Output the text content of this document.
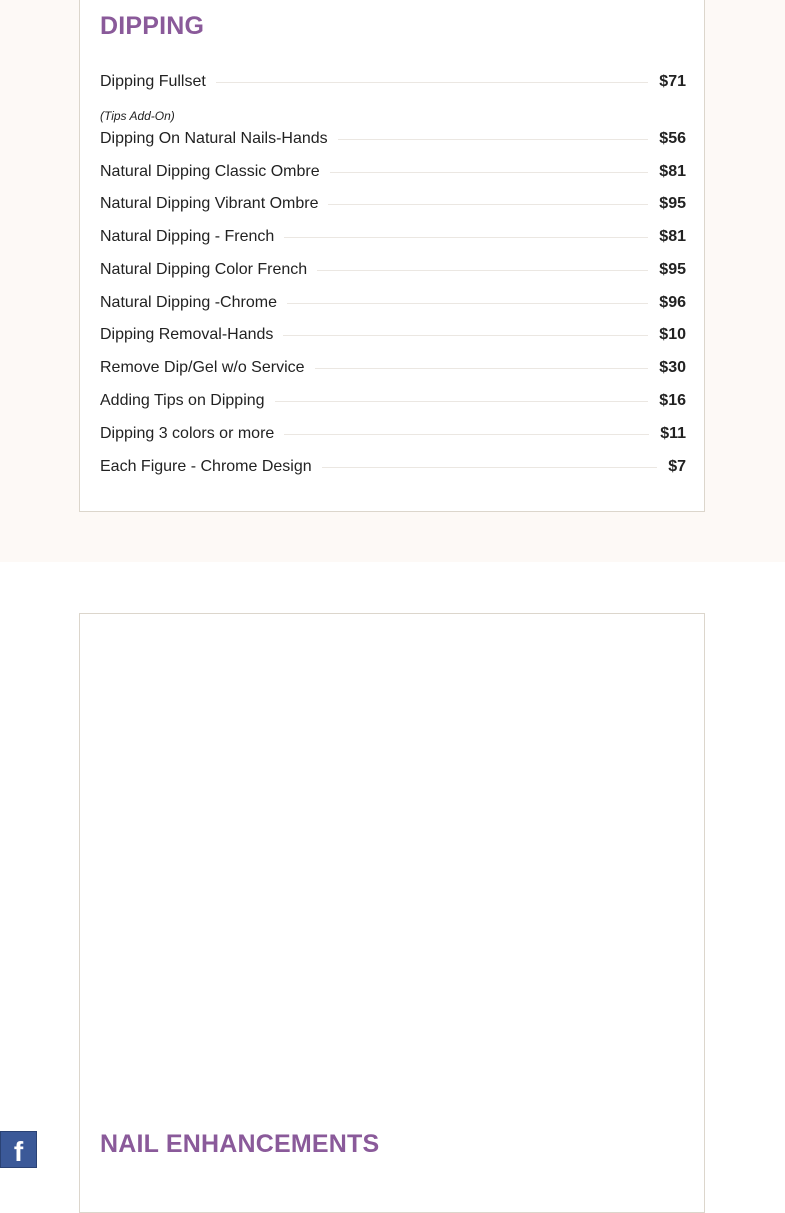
DIPPING
Dipping Fullset	$71
(Tips Add-On)
Dipping On Natural Nails-Hands	$56
Natural Dipping Classic Ombre	$81
Natural Dipping Vibrant Ombre	$95
Natural Dipping - French	$81
Natural Dipping Color French	$95
Natural Dipping -Chrome	$96
Dipping Removal-Hands	$10
Remove Dip/Gel w/o Service	$30
Adding Tips on Dipping	$16
Dipping 3 colors or more	$11
Each Figure - Chrome Design	$7
NAIL ENHANCEMENTS
f
